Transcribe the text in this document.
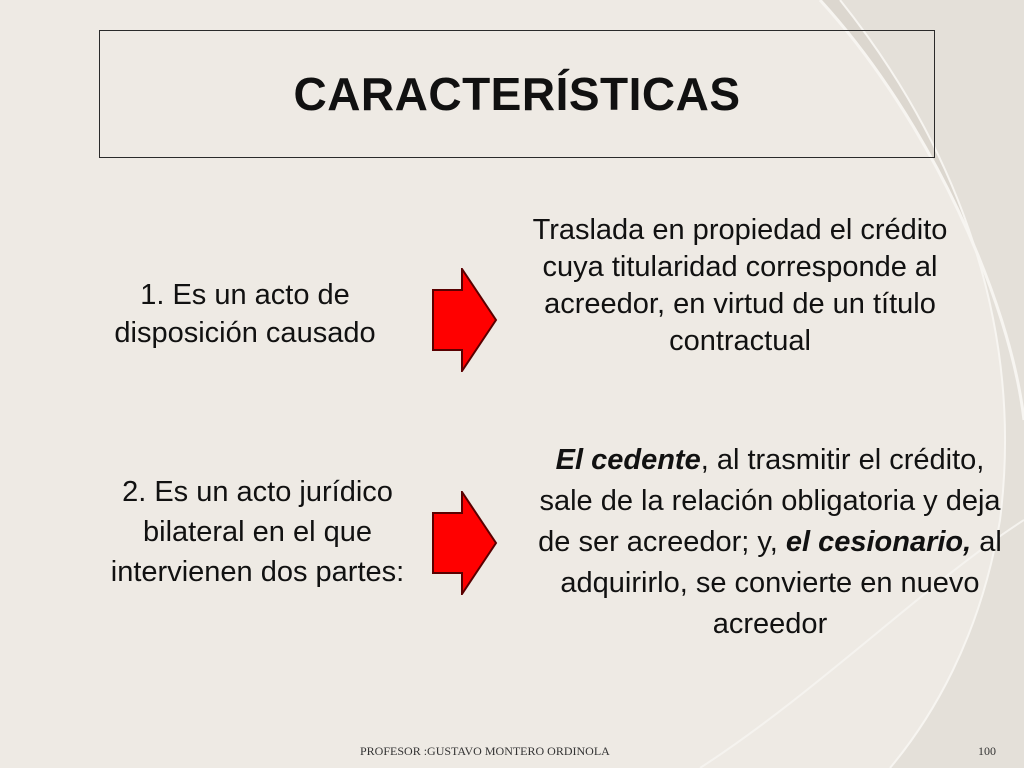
CARACTERÍSTICAS
1. Es un acto de disposición causado
Traslada en propiedad el crédito cuya titularidad corresponde al acreedor, en virtud de un título contractual
2. Es un acto jurídico bilateral en el que intervienen dos partes:
El cedente, al trasmitir el crédito, sale de la relación obligatoria y deja de ser acreedor; y, el cesionario, al adquirirlo, se convierte en nuevo acreedor
PROFESOR :GUSTAVO MONTERO ORDINOLA	100
